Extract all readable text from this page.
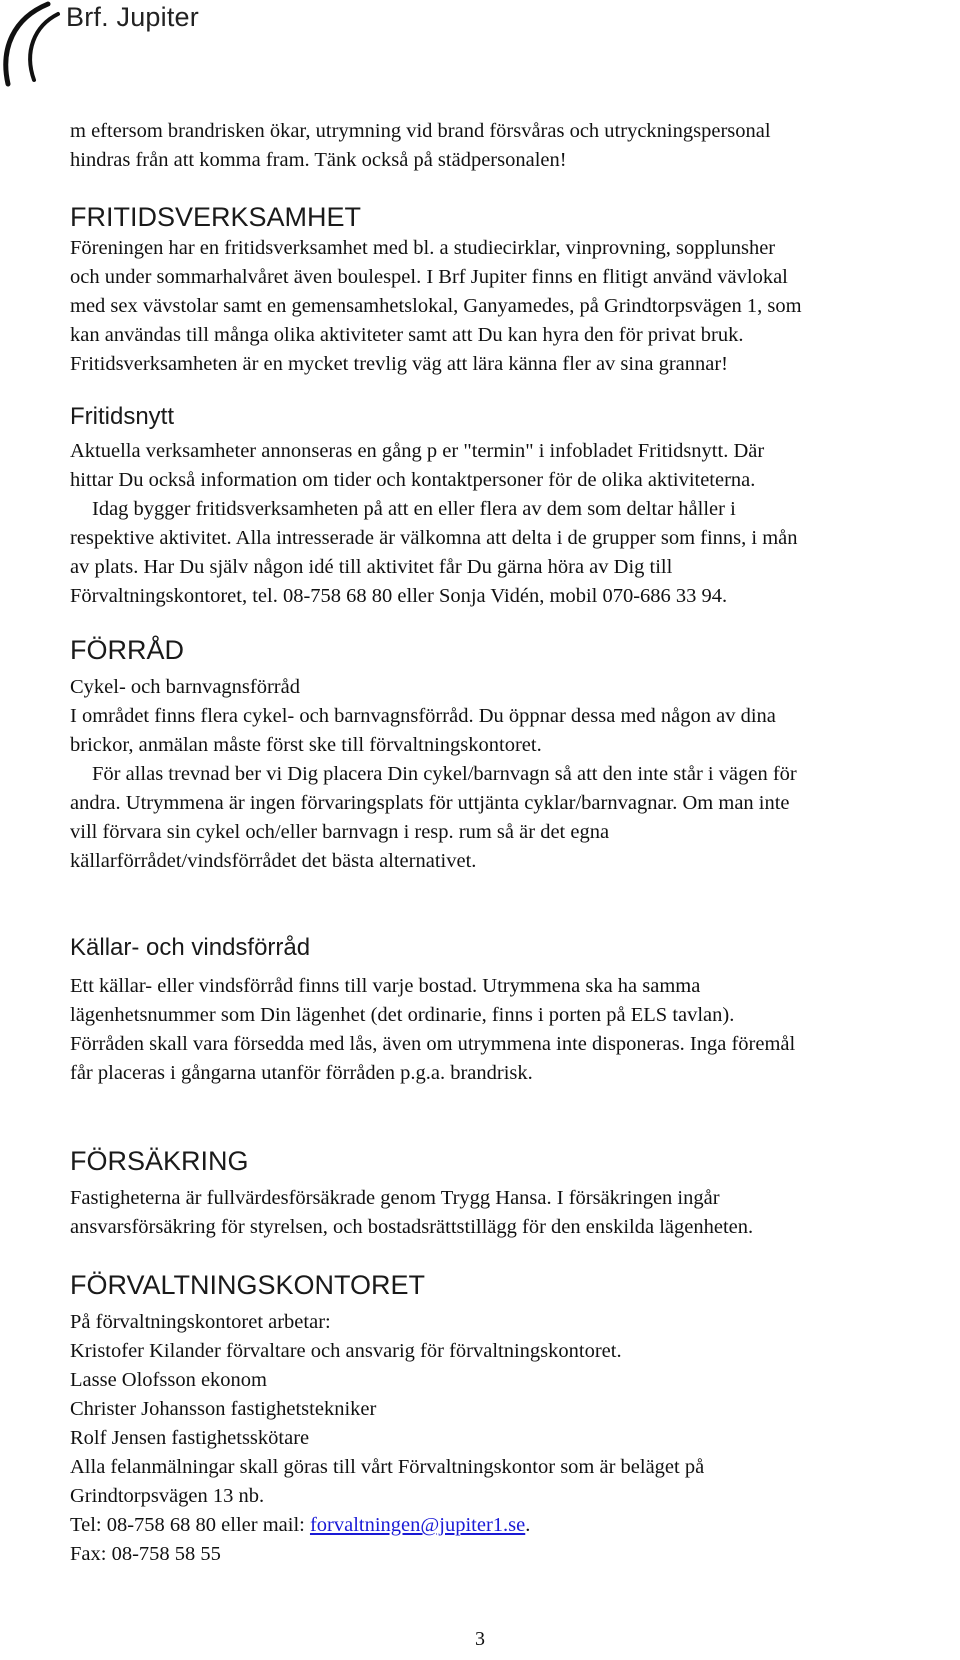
Brf. Jupiter

m eftersom brandrisken ökar, utrymning vid brand försvåras och utryckningspersonal

hindras från att komma fram. Tänk också på städpersonalen!

FRITIDSVERKSAMHET

Föreningen har en fritidsverksamhet med bl. a studiecirklar, vinprovning, sopplunsher

och under sommarhalvåret även boulespel. I Brf Jupiter finns en flitigt använd vävlokal

med sex vävstolar samt en gemensamhetslokal, Ganyamedes, på Grindtorpsvägen 1, som

kan användas till många olika aktiviteter samt att Du kan hyra den för privat bruk.

Fritidsverksamheten är en mycket trevlig väg att lära känna fler av sina grannar!

Fritidsnytt

Aktuella verksamheter annonseras en gång p er "termin" i infobladet Fritidsnytt. Där

hittar Du också information om tider och kontaktpersoner för de olika aktiviteterna.

Idag bygger fritidsverksamheten på att en eller flera av dem som deltar håller i

respektive aktivitet. Alla intresserade är välkomna att delta i de grupper som finns, i mån

av plats. Har Du själv någon idé till aktivitet får Du gärna höra av Dig till

Förvaltningskontoret, tel. 08-758 68 80 eller Sonja Vidén, mobil 070-686 33 94.

FÖRRÅD

Cykel- och barnvagnsförråd

I området finns flera cykel- och barnvagnsförråd. Du öppnar dessa med någon av dina

brickor, anmälan måste först ske till förvaltningskontoret.

För allas trevnad ber vi Dig placera Din cykel/barnvagn så att den inte står i vägen för

andra. Utrymmena är ingen förvaringsplats för uttjänta cyklar/barnvagnar. Om man inte

vill förvara sin cykel och/eller barnvagn i resp. rum så är det egna

källarförrådet/vindsförrådet det bästa alternativet.

Källar- och vindsförråd

Ett källar- eller vindsförråd finns till varje bostad. Utrymmena ska ha samma

lägenhetsnummer som Din lägenhet (det ordinarie, finns i porten på ELS tavlan).

Förråden skall vara försedda med lås, även om utrymmena inte disponeras. Inga föremål

får placeras i gångarna utanför förråden p.g.a. brandrisk.

FÖRSÄKRING

Fastigheterna är fullvärdesförsäkrade genom Trygg Hansa. I försäkringen ingår

ansvarsförsäkring för styrelsen, och bostadsrättstillägg för den enskilda lägenheten.

FÖRVALTNINGSKONTORET

På förvaltningskontoret arbetar:

Kristofer Kilander förvaltare och ansvarig för förvaltningskontoret.

Lasse Olofsson ekonom

Christer Johansson fastighetstekniker

Rolf Jensen fastighetsskötare

Alla felanmälningar skall göras till vårt Förvaltningskontor som är beläget på

Grindtorpsvägen 13 nb.

Tel: 08-758 68 80 eller mail: forvaltningen@jupiter1.se.

Fax: 08-758 58 55

3
